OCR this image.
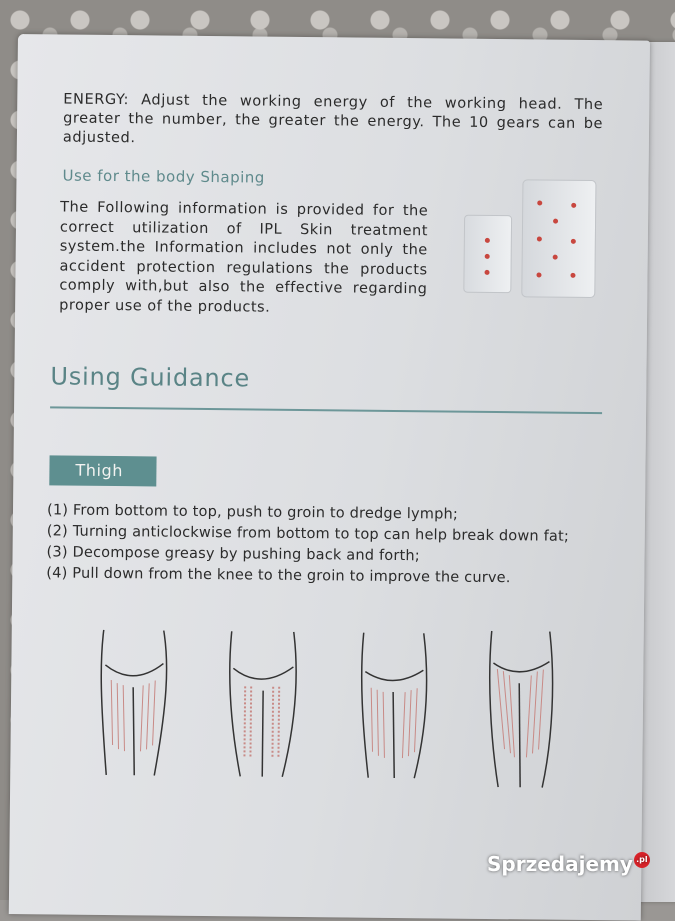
ENERGY: Adjust the working energy of the working head. The greater the number, the greater the energy. The 10 gears can be adjusted.
Use for the body Shaping
The Following information is provided for the correct utilization of IPL Skin treatment system.the Information includes not only the accident protection regulations the products comply with,but also the effective regarding proper use of the products.
Using Guidance
Thigh
(1) From bottom to top, push to groin to dredge lymph;
(2) Turning anticlockwise from bottom to top can help break down fat;
(3) Decompose greasy by pushing back and forth;
(4) Pull down from the knee to the groin to improve the curve.
Sprzedajemy .pl
